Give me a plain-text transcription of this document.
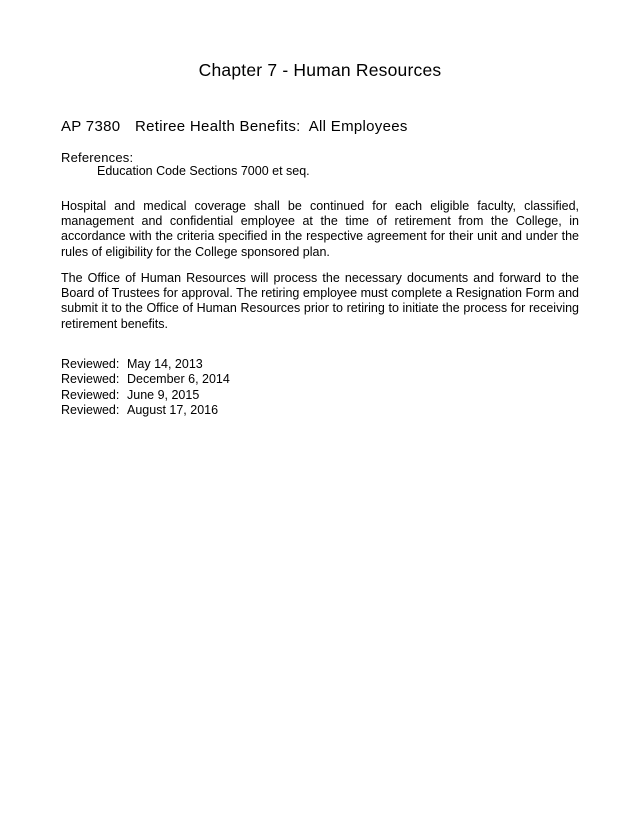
Chapter 7 - Human Resources
AP 7380 Retiree Health Benefits:  All Employees
References:
Education Code Sections 7000 et seq.
Hospital and medical coverage shall be continued for each eligible faculty, classified, management and confidential employee at the time of retirement from the College, in accordance with the criteria specified in the respective agreement for their unit and under the rules of eligibility for the College sponsored plan.
The Office of Human Resources will process the necessary documents and forward to the Board of Trustees for approval. The retiring employee must complete a Resignation Form and submit it to the Office of Human Resources prior to retiring to initiate the process for receiving retirement benefits.
Reviewed: May 14, 2013
Reviewed: December 6, 2014
Reviewed: June 9, 2015
Reviewed: August 17, 2016
